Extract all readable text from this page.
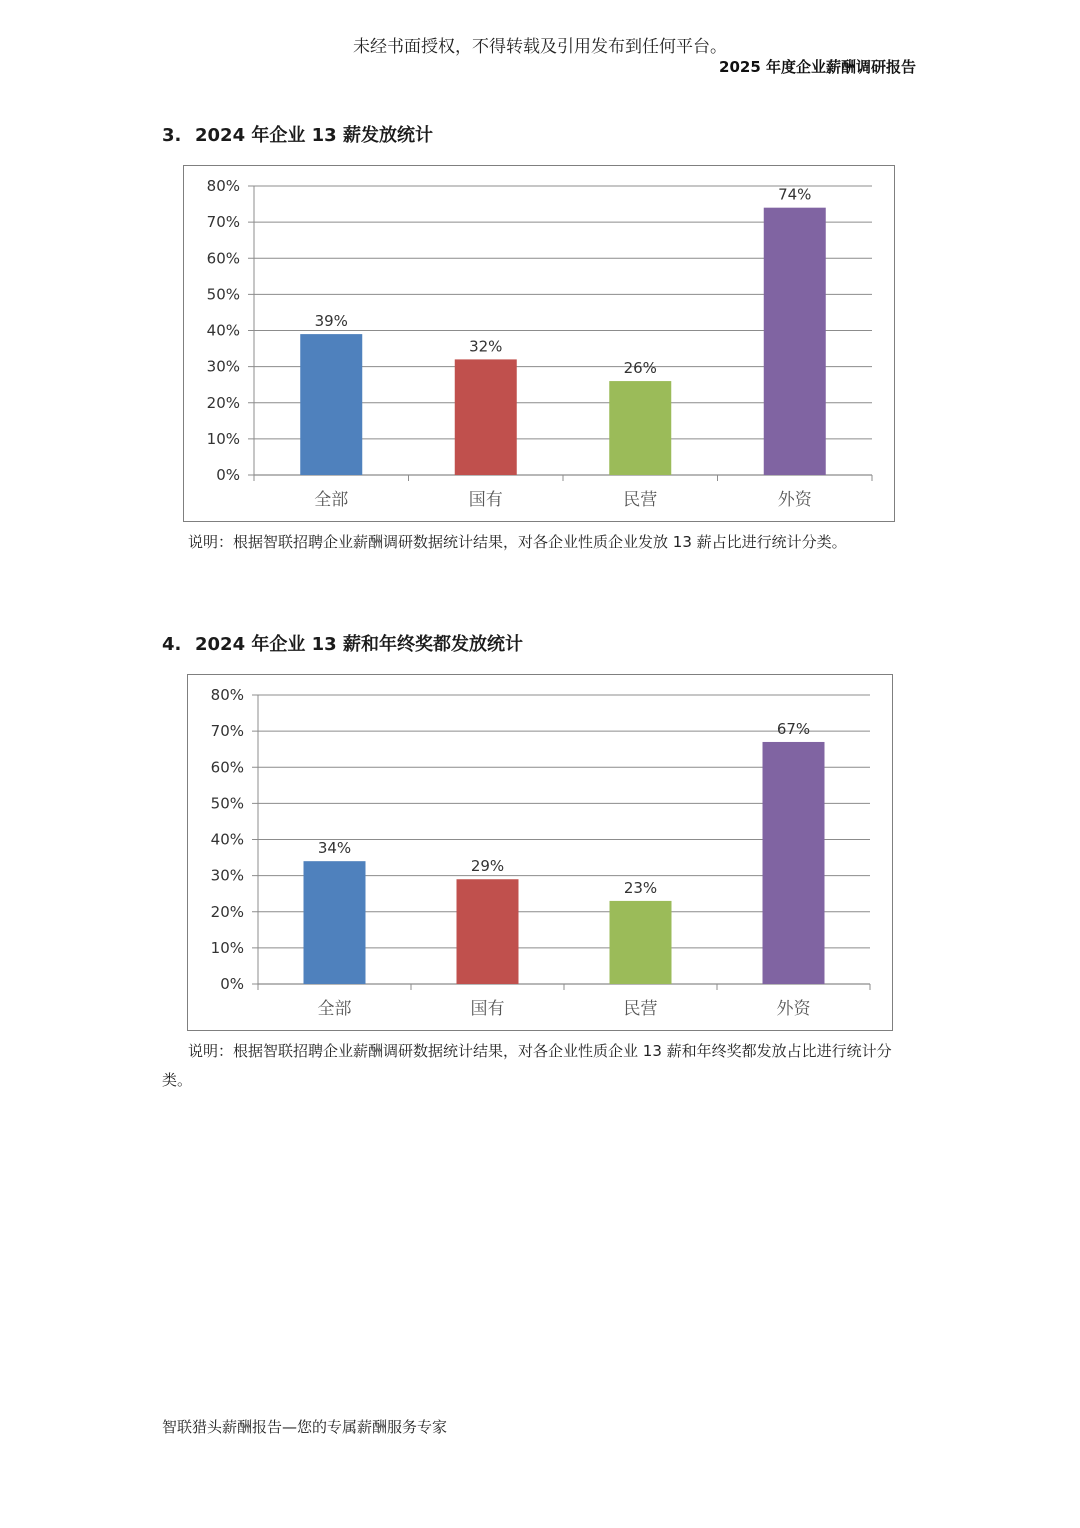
未经书面授权，不得转载及引用发布到任何平台。
2025 年度企业薪酬调研报告
3. 2024 年企业 13 薪发放统计
0%
10%
20%
30%
40%
50%
60%
70%
80%
39%
全部
32%
国有
26%
民营
74%
外资
说明：根据智联招聘企业薪酬调研数据统计结果，对各企业性质企业发放 13 薪占比进行统计分类。
4. 2024 年企业 13 薪和年终奖都发放统计
0%
10%
20%
30%
40%
50%
60%
70%
80%
34%
全部
29%
国有
23%
民营
67%
外资
说明：根据智联招聘企业薪酬调研数据统计结果，对各企业性质企业 13 薪和年终奖都发放占比进行统计分类。
智联猎头薪酬报告—您的专属薪酬服务专家
